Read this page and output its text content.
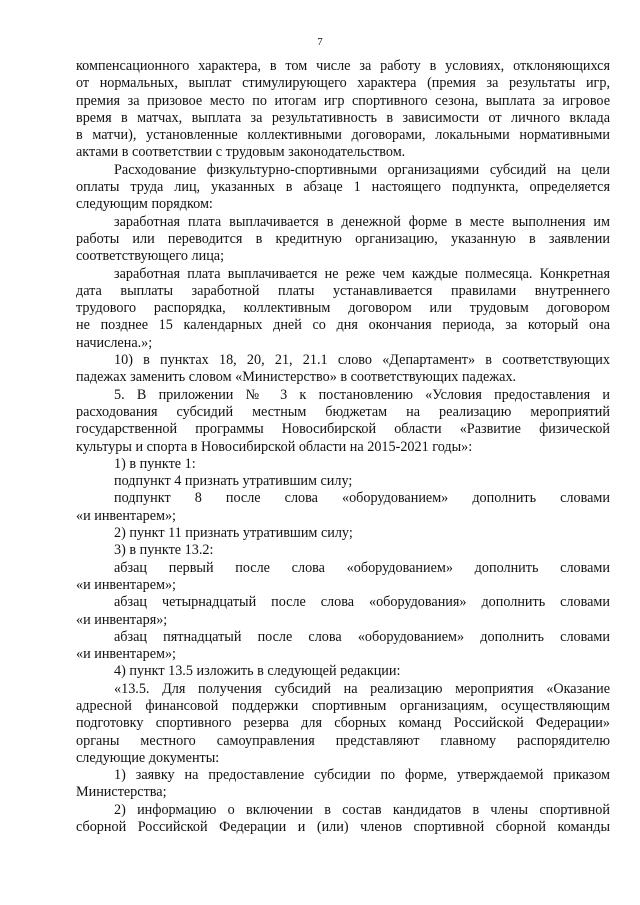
7
компенсационного характера, в том числе за работу в условиях, отклоняющихся
от нормальных, выплат стимулирующего характера (премия за результаты игр,
премия за призовое место по итогам игр спортивного сезона, выплата за игровое
время в матчах, выплата за результативность в зависимости от личного вклада
в матчи), установленные коллективными договорами, локальными нормативными
актами в соответствии с трудовым законодательством.
Расходование физкультурно-спортивными организациями субсидий на цели
оплаты труда лиц, указанных в абзаце 1 настоящего подпункта, определяется
следующим порядком:
заработная плата выплачивается в денежной форме в месте выполнения им
работы или переводится в кредитную организацию, указанную в заявлении
соответствующего лица;
заработная плата выплачивается не реже чем каждые полмесяца. Конкретная
дата выплаты заработной платы устанавливается правилами внутреннего
трудового распорядка, коллективным договором или трудовым договором
не позднее 15 календарных дней со дня окончания периода, за который она
начислена.»;
10) в пунктах 18, 20, 21, 21.1 слово «Департамент» в соответствующих
падежах заменить словом «Министерство» в соответствующих падежах.
5. В приложении № 3 к постановлению «Условия предоставления и
расходования субсидий местным бюджетам на реализацию мероприятий
государственной программы Новосибирской области «Развитие физической
культуры и спорта в Новосибирской области на 2015-2021 годы»:
1) в пункте 1:
подпункт 4 признать утратившим силу;
подпункт 8 после слова «оборудованием» дополнить словами
«и инвентарем»;
2) пункт 11 признать утратившим силу;
3) в пункте 13.2:
абзац первый после слова «оборудованием» дополнить словами
«и инвентарем»;
абзац четырнадцатый после слова «оборудования» дополнить словами
«и инвентаря»;
абзац пятнадцатый после слова «оборудованием» дополнить словами
«и инвентарем»;
4) пункт 13.5 изложить в следующей редакции:
«13.5. Для получения субсидий на реализацию мероприятия «Оказание
адресной финансовой поддержки спортивным организациям, осуществляющим
подготовку спортивного резерва для сборных команд Российской Федерации»
органы местного самоуправления представляют главному распорядителю
следующие документы:
1) заявку на предоставление субсидии по форме, утверждаемой приказом
Министерства;
2) информацию о включении в состав кандидатов в члены спортивной
сборной Российской Федерации и (или) членов спортивной сборной команды
